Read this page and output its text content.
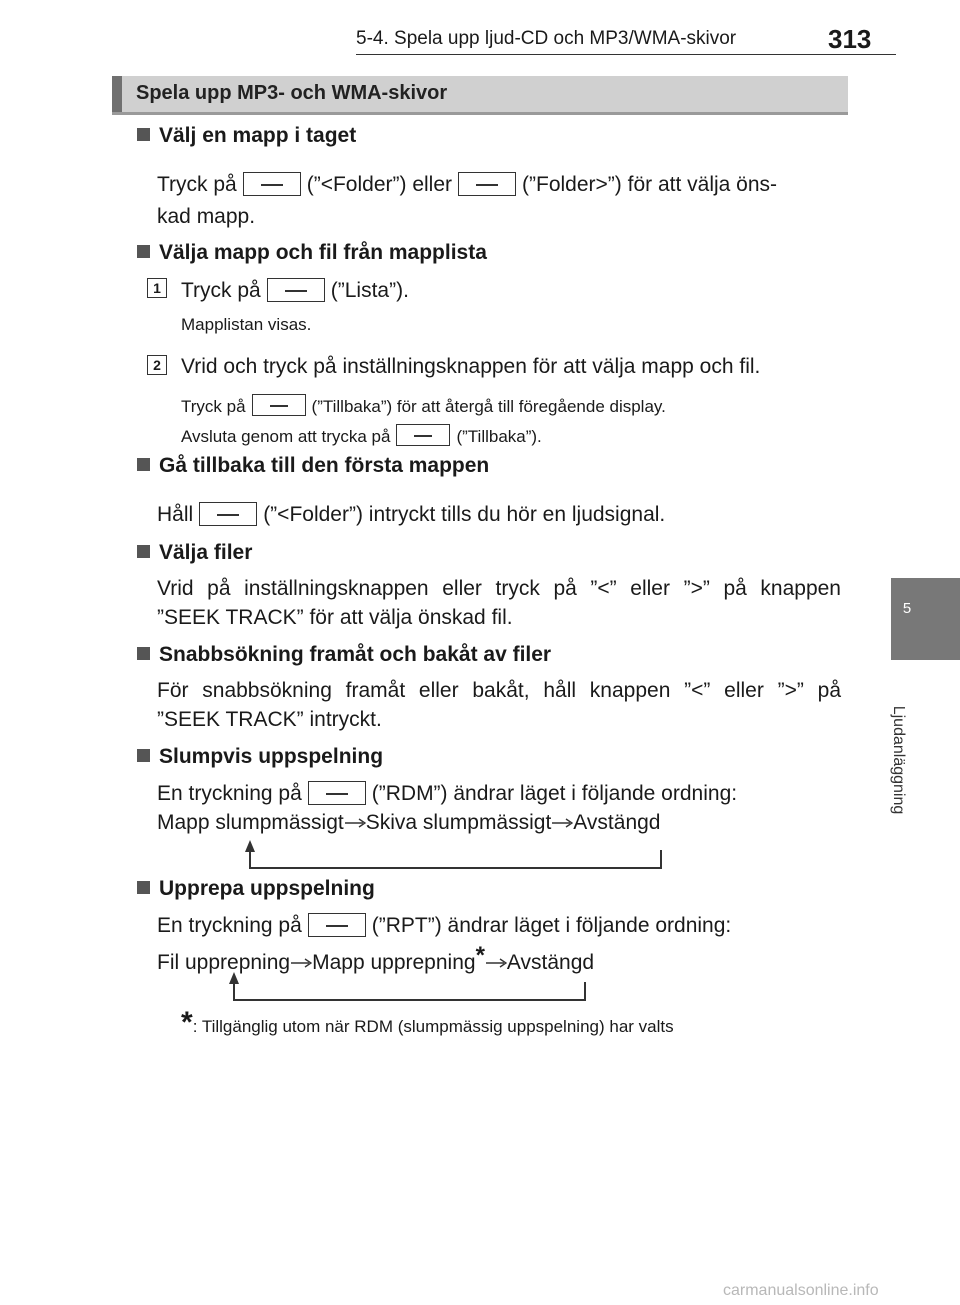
5-4. Spela upp ljud-CD och MP3/WMA-skivor	313
5
Ljudanläggning
Spela upp MP3- och WMA-skivor
Välj en mapp i taget
Tryck på	(”<Folder”) eller	(”Folder>”) för att välja öns-
kad mapp.
Välja mapp och fil från mapplista
1 Tryck på	(”Lista”).
Mapplistan visas.
2 Vrid och tryck på inställningsknappen för att välja mapp och fil.
Tryck på	(”Tillbaka”) för att återgå till föregående display.
Avsluta genom att trycka på	(”Tillbaka”).
Gå tillbaka till den första mappen
Håll	(”<Folder”) intryckt tills du hör en ljudsignal.
Välja filer
Vrid på inställningsknappen eller tryck på ”<” eller ”>” på knappen
”SEEK TRACK” för att välja önskad fil.
Snabbsökning framåt och bakåt av filer
För snabbsökning framåt eller bakåt, håll knappen ”<” eller ”>” på
”SEEK TRACK” intryckt.
Slumpvis uppspelning
En tryckning på	(”RDM”) ändrar läget i följande ordning:
Mapp slumpmässigt Skiva slumpmässigt Avstängd
Upprepa uppspelning
En tryckning på	(”RPT”) ändrar läget i följande ordning:
Fil upprepning Mapp upprepning* Avstängd
*: Tillgänglig utom när RDM (slumpmässig uppspelning) har valts
carmanualsonline.info
